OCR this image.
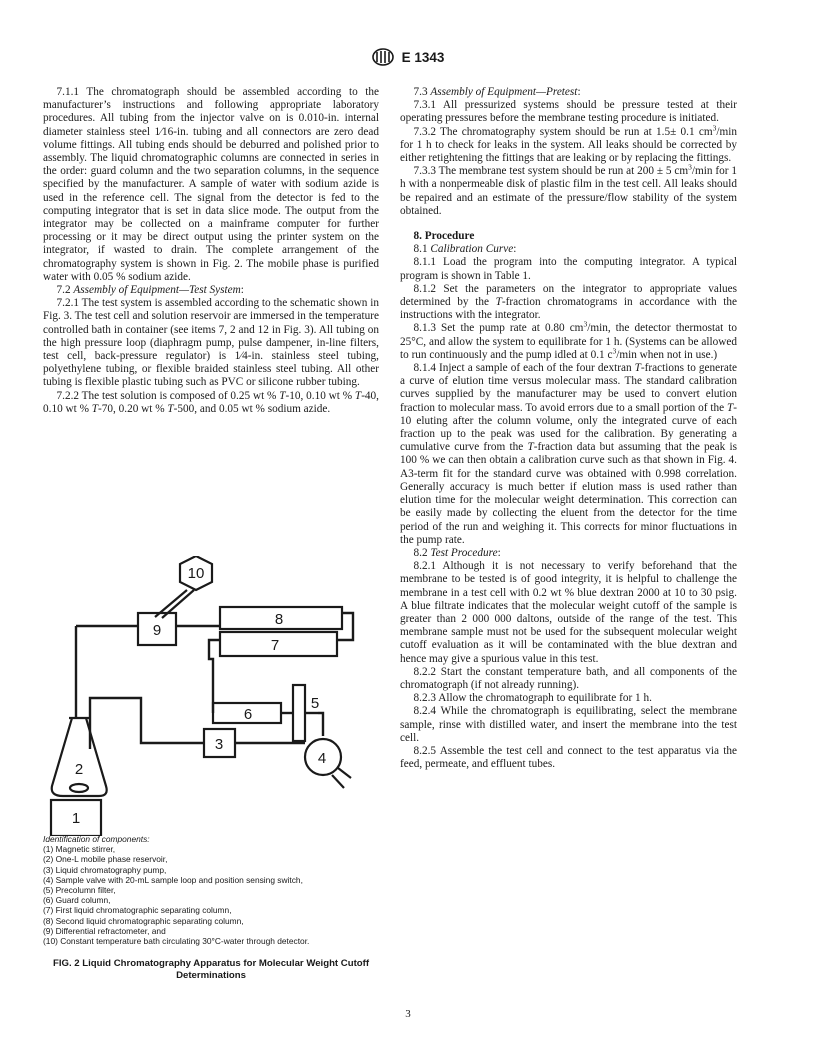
E 1343

7.1.1 The chromatograph should be assembled according to the manufacturer’s instructions and following appropriate laboratory procedures. All tubing from the injector valve on is 0.010-in. internal diameter stainless steel 1⁄16-in. tubing and all connectors are zero dead volume fittings. All tubing ends should be deburred and polished prior to assembly. The liquid chromatographic columns are connected in series in the order: guard column and the two separation columns, in the sequence specified by the manufacturer. A sample of water with sodium azide is used in the reference cell. The signal from the detector is fed to the computing integrator that is set in data slice mode. The output from the integrator may be collected on a mainframe computer for further processing or it may be direct output using the printer system on the integrator, if wasted to drain. The complete arrangement of the chromatography system is shown in Fig. 2. The mobile phase is purified water with 0.05 % sodium azide.

7.2 Assembly of Equipment—Test System:

7.2.1 The test system is assembled according to the schematic shown in Fig. 3. The test cell and solution reservoir are immersed in the temperature controlled bath in container (see items 7, 2 and 12 in Fig. 3). All tubing on the high pressure loop (diaphragm pump, pulse dampener, in-line filters, test cell, back-pressure regulator) is 1⁄4-in. stainless steel tubing, polyethylene tubing, or flexible braided stainless steel tubing. All other tubing is flexible plastic tubing such as PVC or silicone rubber tubing.

7.2.2 The test solution is composed of 0.25 wt % T-10, 0.10 wt % T-40, 0.10 wt % T-70, 0.20 wt % T-500, and 0.05 wt % sodium azide.

10
9
8
7
6
5
3
4
2
1

Identification of components:

(1) Magnetic stirrer,

(2) One-L mobile phase reservoir,

(3) Liquid chromatography pump,

(4) Sample valve with 20-mL sample loop and position sensing switch,

(5) Precolumn filter,

(6) Guard column,

(7) First liquid chromatographic separating column,

(8) Second liquid chromatographic separating column,

(9) Differential refractometer, and

(10) Constant temperature bath circulating 30°C-water through detector.

FIG. 2 Liquid Chromatography Apparatus for Molecular Weight Cutoff Determinations

7.3 Assembly of Equipment—Pretest:

7.3.1 All pressurized systems should be pressure tested at their operating pressures before the membrane testing procedure is initiated.

7.3.2 The chromatography system should be run at 1.5± 0.1 $cm^3/\min$ for 1 h to check for leaks in the system. All leaks should be corrected by either retightening the fittings that are leaking or by replacing the fittings.

7.3.3 The membrane test system should be run at 200 ± 5 $cm^3/\min$ for 1 h with a nonpermeable disk of plastic film in the test cell. All leaks should be repaired and an estimate of the pressure/flow stability of the system obtained.

8. Procedure

8.1 Calibration Curve:

8.1.1 Load the program into the computing integrator. A typical program is shown in Table 1.

8.1.2 Set the parameters on the integrator to appropriate values determined by the T-fraction chromatograms in accordance with the instructions with the integrator.

8.1.3 Set the pump rate at 0.80 $cm^3/\min$, the detector thermostat to 25°C, and allow the system to equilibrate for 1 h. (Systems can be allowed to run continuously and the pump idled at 0.1 $c^3/\min$ when not in use.)

8.1.4 Inject a sample of each of the four dextran T-fractions to generate a curve of elution time versus molecular mass. The standard calibration curves supplied by the manufacturer may be used to convert elution fraction to molecular mass. To avoid errors due to a small portion of the T-10 eluting after the column volume, only the integrated curve of each fraction up to the peak was used for the calibration. By generating a cumulative curve from the T-fraction data but assuming that the peak is 100 % we can then obtain a calibration curve such as that shown in Fig. 4. A3-term fit for the standard curve was obtained with 0.998 correlation. Generally accuracy is much better if elution mass is used rather than elution time for the molecular weight determination. This correction can be easily made by collecting the eluent from the detector for the time period of the run and weighing it. This corrects for minor fluctuations in the pump rate.

8.2 Test Procedure:

8.2.1 Although it is not necessary to verify beforehand that the membrane to be tested is of good integrity, it is helpful to challenge the membrane in a test cell with 0.2 wt % blue dextran 2000 at 10 to 30 psig. A blue filtrate indicates that the molecular weight cutoff of the sample is greater than 2 000 000 daltons, outside of the range of the test. This membrane sample must not be used for the subsequent molecular weight cutoff evaluation as it will be contaminated with the blue dextran and hence may give a spurious value in this test.

8.2.2 Start the constant temperature bath, and all components of the chromatograph (if not already running).

8.2.3 Allow the chromatograph to equilibrate for 1 h.

8.2.4 While the chromatograph is equilibrating, select the membrane sample, rinse with distilled water, and insert the membrane into the test cell.

8.2.5 Assemble the test cell and connect to the test apparatus via the feed, permeate, and effluent tubes.

3
